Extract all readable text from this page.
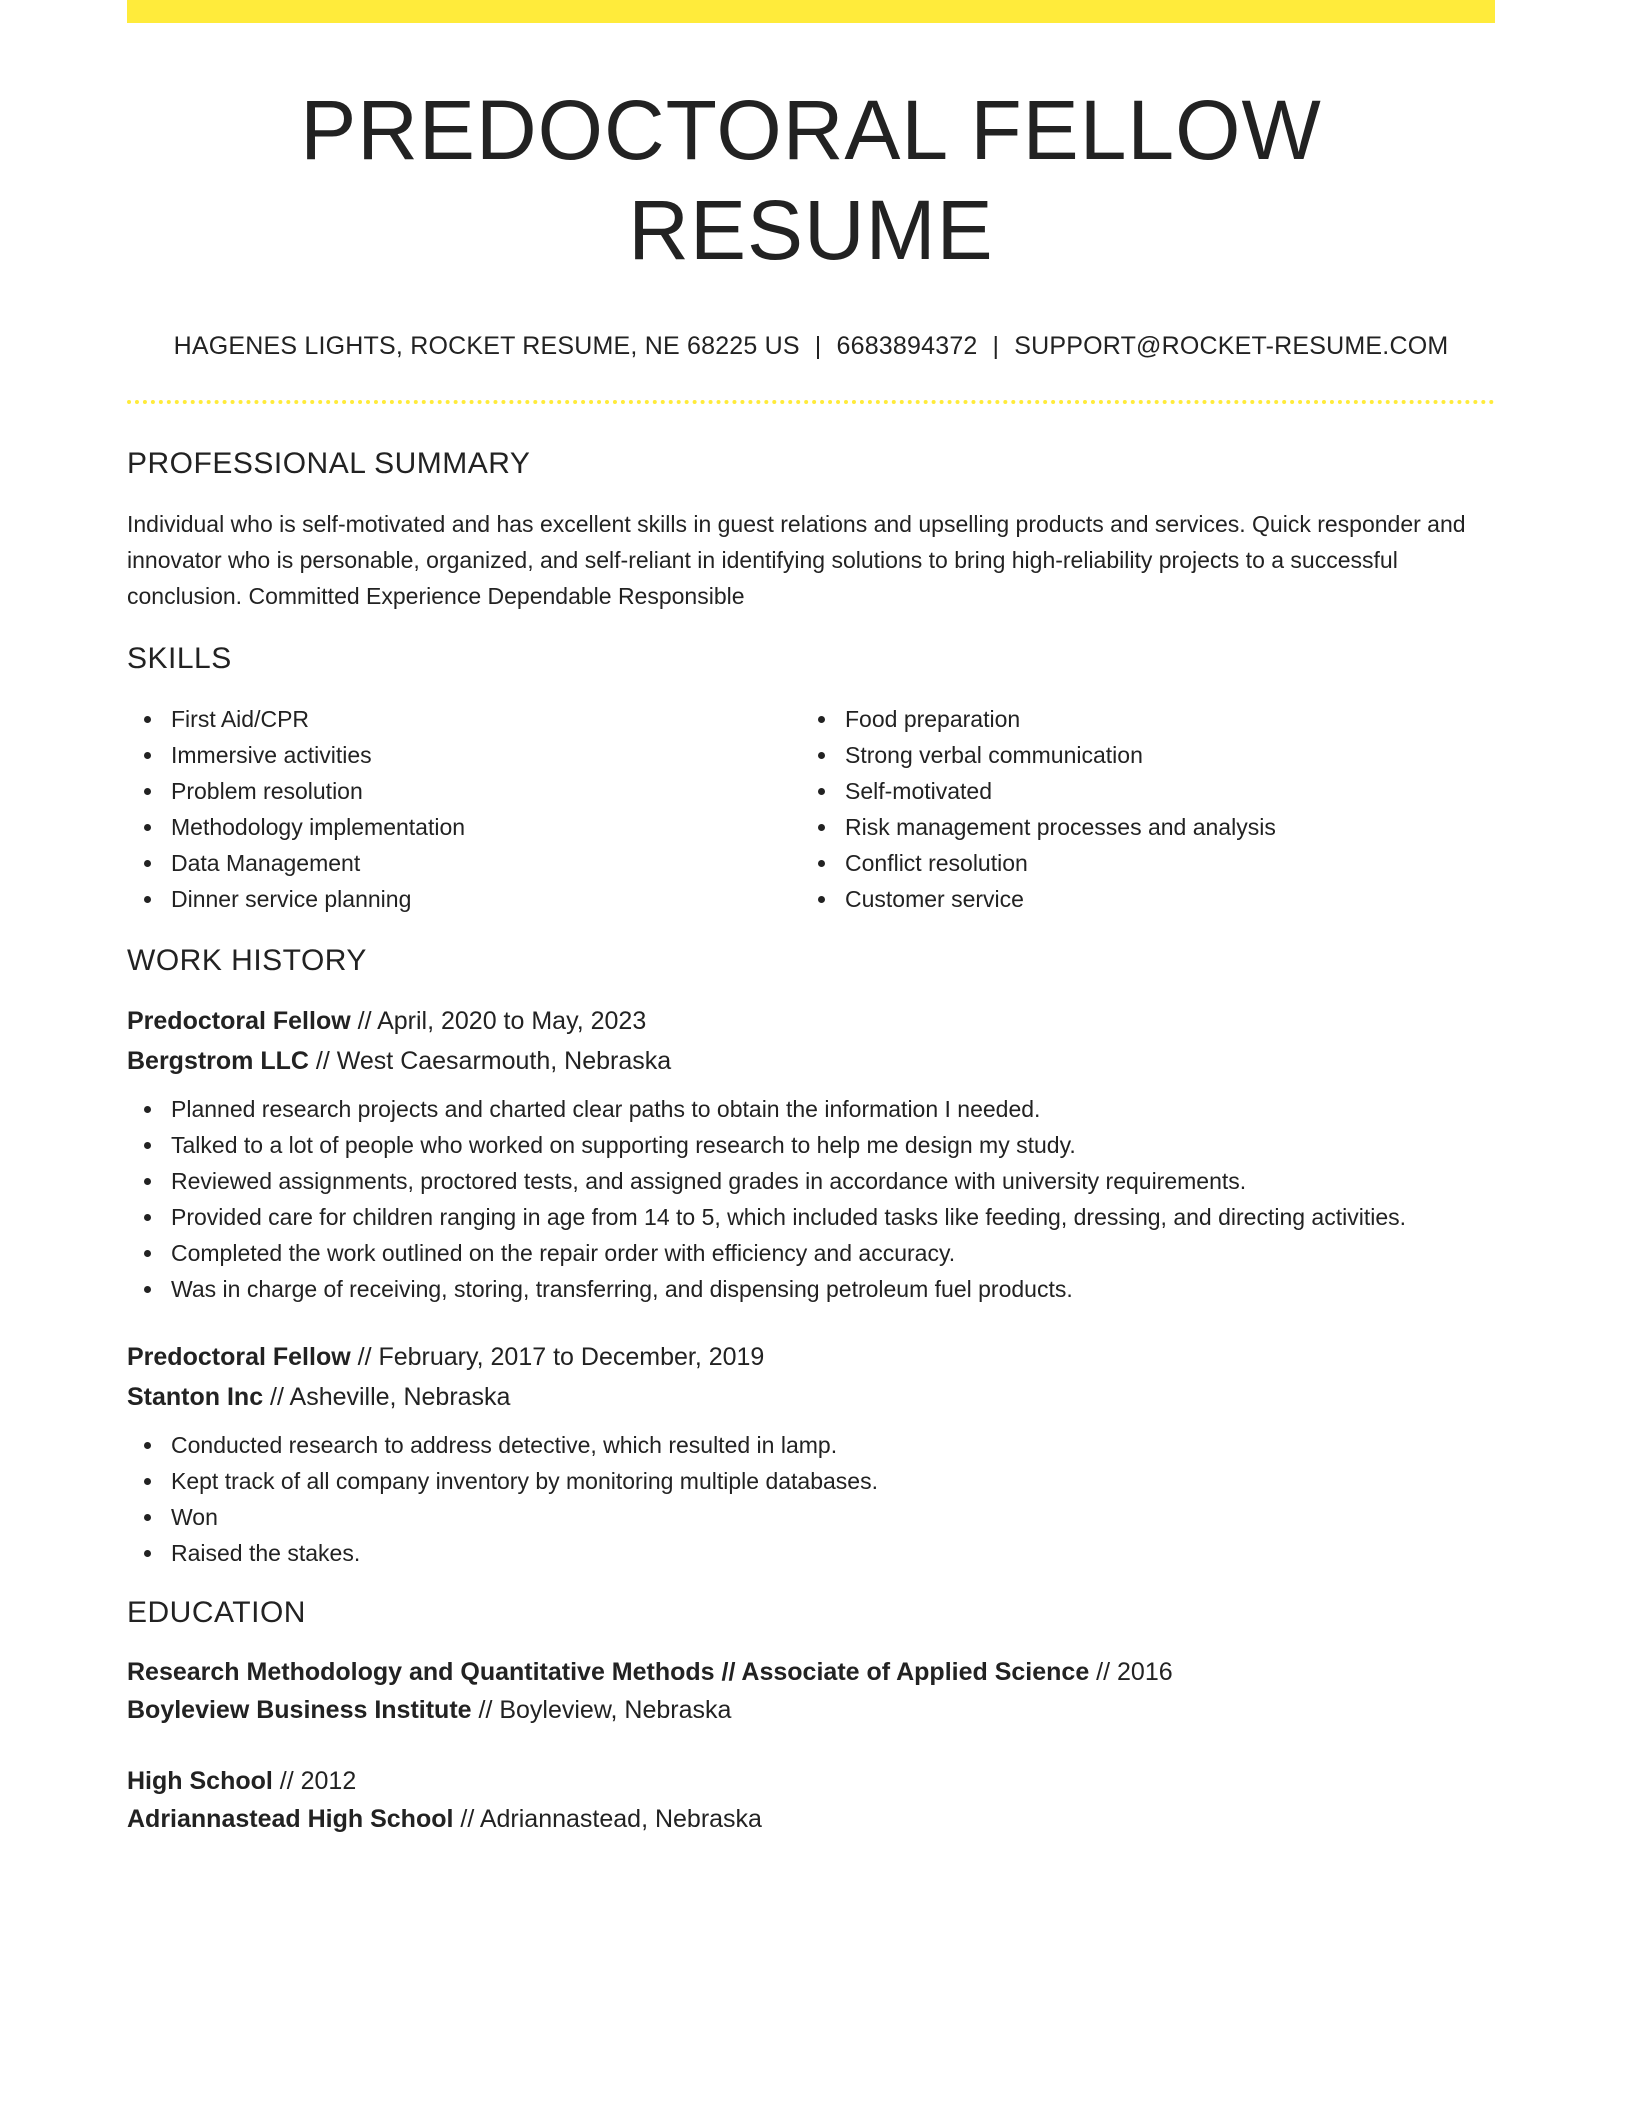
PREDOCTORAL FELLOW RESUME
HAGENES LIGHTS, ROCKET RESUME, NE 68225 US | 6683894372 | SUPPORT@ROCKET-RESUME.COM
PROFESSIONAL SUMMARY

Individual who is self-motivated and has excellent skills in guest relations and upselling products and services. Quick responder and innovator who is personable, organized, and self-reliant in identifying solutions to bring high-reliability projects to a successful conclusion. Committed Experience Dependable Responsible

SKILLS
First Aid/CPR
Immersive activities
Problem resolution
Methodology implementation
Data Management
Dinner service planning
Food preparation
Strong verbal communication
Self-motivated
Risk management processes and analysis
Conflict resolution
Customer service
WORK HISTORY
Predoctoral Fellow // April, 2020 to May, 2023
Bergstrom LLC // West Caesarmouth, Nebraska
Planned research projects and charted clear paths to obtain the information I needed.
Talked to a lot of people who worked on supporting research to help me design my study.
Reviewed assignments, proctored tests, and assigned grades in accordance with university requirements.
Provided care for children ranging in age from 14 to 5, which included tasks like feeding, dressing, and directing activities.
Completed the work outlined on the repair order with efficiency and accuracy.
Was in charge of receiving, storing, transferring, and dispensing petroleum fuel products.
Predoctoral Fellow // February, 2017 to December, 2019
Stanton Inc // Asheville, Nebraska
Conducted research to address detective, which resulted in lamp.
Kept track of all company inventory by monitoring multiple databases.
Won
Raised the stakes.
EDUCATION
Research Methodology and Quantitative Methods // Associate of Applied Science // 2016
Boyleview Business Institute // Boyleview, Nebraska
High School // 2012
Adriannastead High School // Adriannastead, Nebraska
